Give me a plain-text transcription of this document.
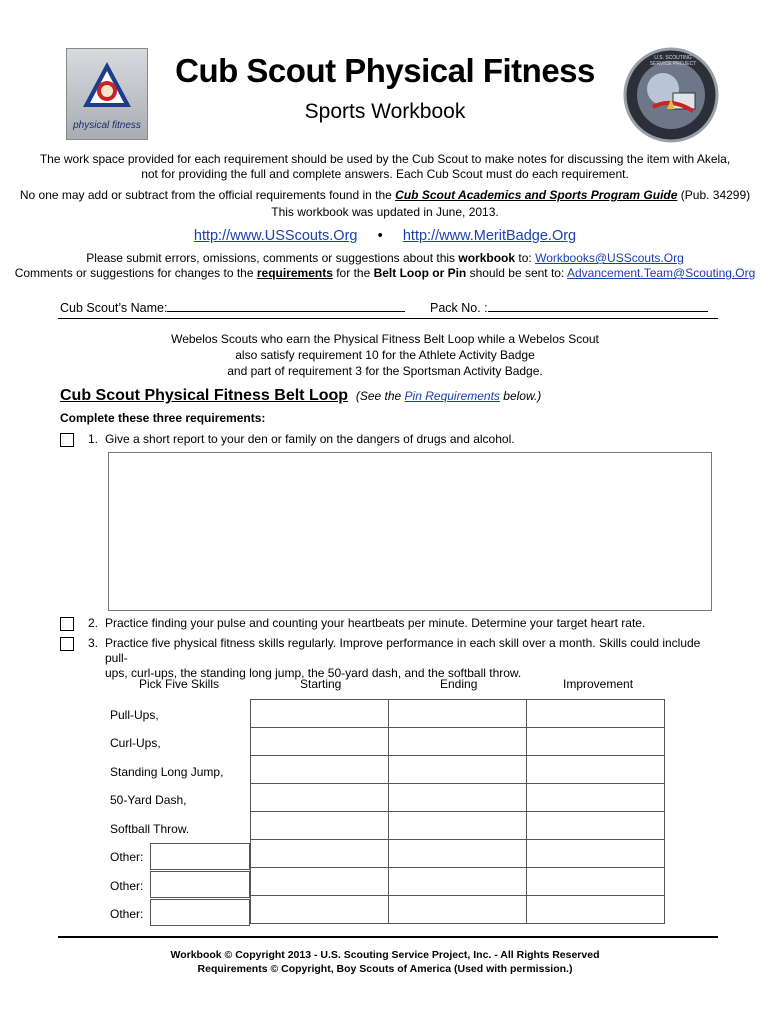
physical fitness
U.S. SCOUTING SERVICE PROJECT
Cub Scout Physical Fitness
Sports Workbook
The work space provided for each requirement should be used by the Cub Scout to make notes for discussing the item with Akela,
not for providing the full and complete answers. Each Cub Scout must do each requirement.
No one may add or subtract from the official requirements found in the Cub Scout Academics and Sports Program Guide (Pub. 34299)
This workbook was updated in June, 2013.
http://www.USScouts.Org • http://www.MeritBadge.Org
Please submit errors, omissions, comments or suggestions about this workbook to: Workbooks@USScouts.Org
Comments or suggestions for changes to the requirements for the Belt Loop or Pin should be sent to: Advancement.Team@Scouting.Org
Cub Scout’s Name:	Pack No. :
Webelos Scouts who earn the Physical Fitness Belt Loop while a Webelos Scout
also satisfy requirement 10 for the Athlete Activity Badge
and part of requirement 3 for the Sportsman Activity Badge.
Cub Scout Physical Fitness Belt Loop (See the Pin Requirements below.)
Complete these three requirements:
1. Give a short report to your den or family on the dangers of drugs and alcohol.
2. Practice finding your pulse and counting your heartbeats per minute. Determine your target heart rate.
3. Practice five physical fitness skills regularly. Improve performance in each skill over a month. Skills could include pull-
ups, curl-ups, the standing long jump, the 50-yard dash, and the softball throw.
Pick Five Skills	Starting	Ending	Improvement
Pull-Ups,
Curl-Ups,
Standing Long Jump,
50-Yard Dash,
Softball Throw.
Other:
Other:
Other:

Workbook © Copyright 2013 - U.S. Scouting Service Project, Inc. - All Rights Reserved
Requirements © Copyright, Boy Scouts of America (Used with permission.)
